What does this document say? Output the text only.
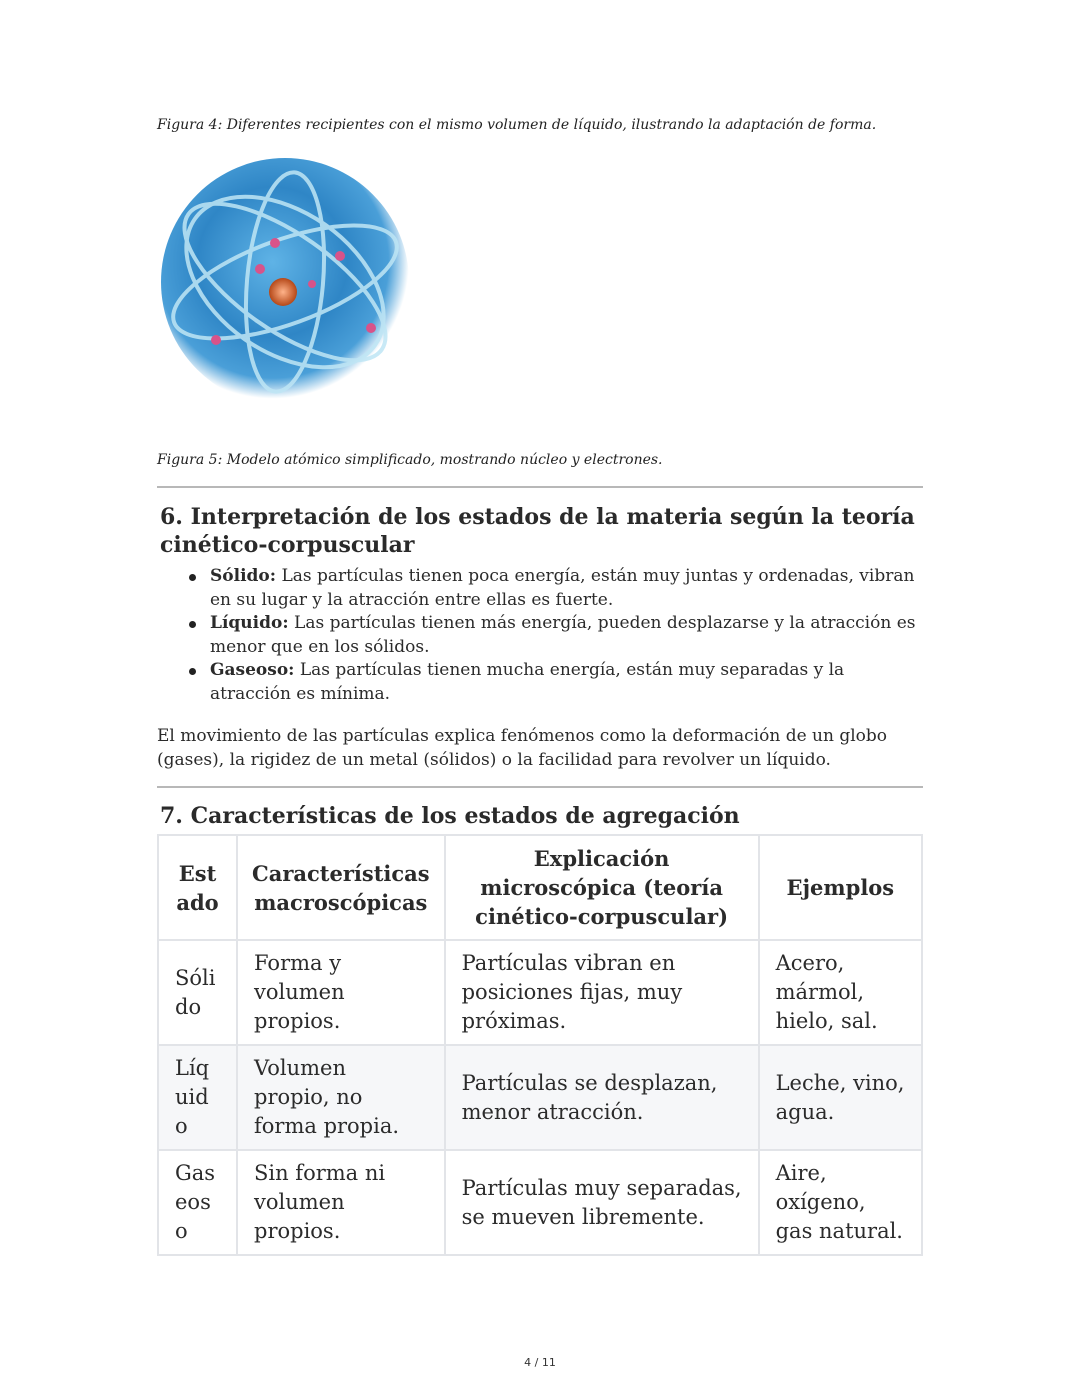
Figura 4: Diferentes recipientes con el mismo volumen de líquido, ilustrando la adaptación de forma.
Figura 5: Modelo atómico simplificado, mostrando núcleo y electrones.
6. Interpretación de los estados de la materia según la teoría cinético-corpuscular
Sólido: Las partículas tienen poca energía, están muy juntas y ordenadas, vibran en su lugar y la atracción entre ellas es fuerte.
Líquido: Las partículas tienen más energía, pueden desplazarse y la atracción es menor que en los sólidos.
Gaseoso: Las partículas tienen mucha energía, están muy separadas y la atracción es mínima.

El movimiento de las partículas explica fenómenos como la deformación de un globo (gases), la rigidez de un metal (sólidos) o la facilidad para revolver un líquido.

7. Características de los estados de agregación
Est ado	Características macroscópicas	Explicación microscópica (teoría cinético-corpuscular)	Ejemplos
Sóli do	Forma y volumen propios.	Partículas vibran en posiciones fijas, muy próximas.	Acero, mármol, hielo, sal.
Líq uid o	Volumen propio, no forma propia.	Partículas se desplazan, menor atracción.	Leche, vino, agua.
Gas eos o	Sin forma ni volumen propios.	Partículas muy separadas, se mueven libremente.	Aire, oxígeno, gas natural.
4 / 11
